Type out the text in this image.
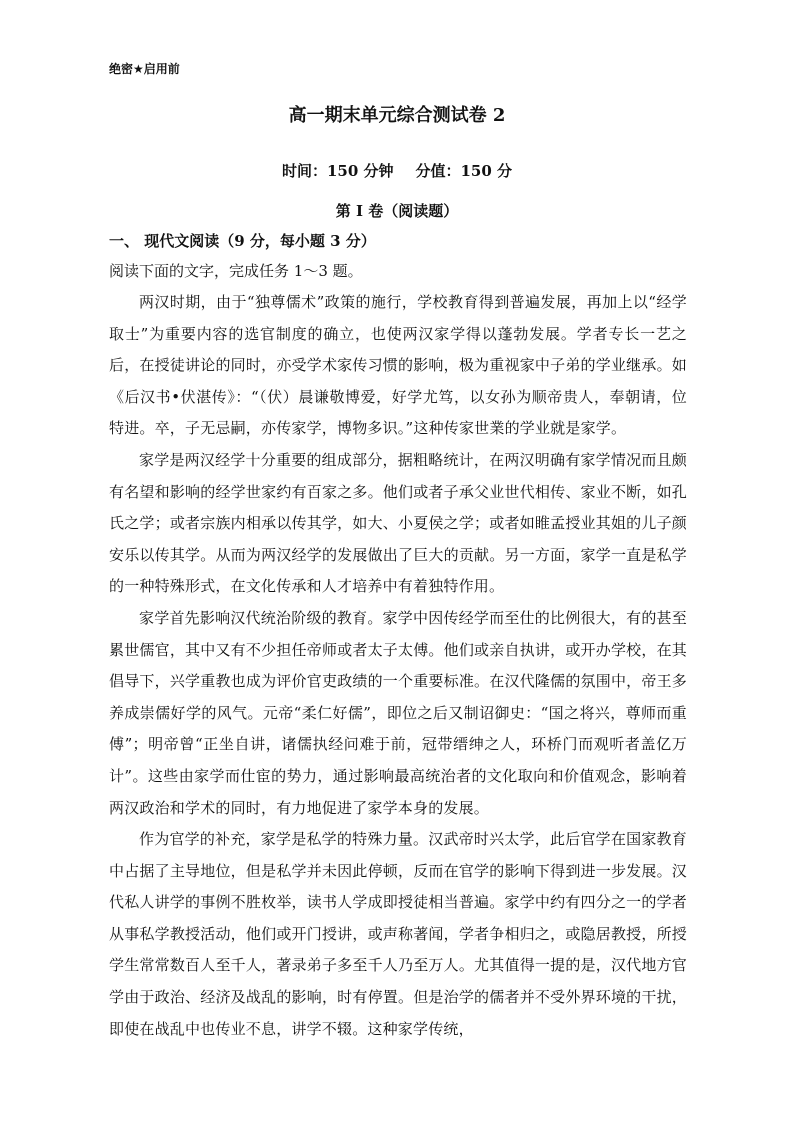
绝密★启用前
高一期末单元综合测试卷 2
时间：150 分钟 分值：150 分
第 I 卷（阅读题）
一、 现代文阅读（9 分，每小题 3 分）
阅读下面的文字，完成任务 1～3 题。

两汉时期，由于“独尊儒术”政策的施行，学校教育得到普遍发展，再加上以“经学取士”为重要内容的选官制度的确立，也使两汉家学得以蓬勃发展。学者专长一艺之后，在授徒讲论的同时，亦受学术家传习惯的影响，极为重视家中子弟的学业继承。如《后汉书•伏湛传》：“（伏）晨谦敬博爱，好学尤笃，以女孙为顺帝贵人，奉朝请，位特进。卒，子无忌嗣，亦传家学，博物多识。”这种传家世業的学业就是家学。

家学是两汉经学十分重要的组成部分，据粗略统计，在两汉明确有家学情况而且颇有名望和影响的经学世家约有百家之多。他们或者子承父业世代相传、家业不断，如孔氏之学；或者宗族内相承以传其学，如大、小夏侯之学；或者如睢孟授业其姐的儿子颜安乐以传其学。从而为两汉经学的发展做出了巨大的贡献。另一方面，家学一直是私学的一种特殊形式，在文化传承和人才培养中有着独特作用。

家学首先影响汉代统治阶级的教育。家学中因传经学而至仕的比例很大，有的甚至累世儒官，其中又有不少担任帝师或者太子太傅。他们或亲自执讲，或开办学校，在其倡导下，兴学重教也成为评价官吏政绩的一个重要标准。在汉代隆儒的氛围中，帝王多养成崇儒好学的风气。元帝“柔仁好儒”，即位之后又制诏御史：“国之将兴，尊师而重傅”；明帝曾“正坐自讲，诸儒执经问难于前，冠带缙绅之人，环桥门而观听者盖亿万计”。这些由家学而仕宦的势力，通过影响最高统治者的文化取向和价值观念，影响着两汉政治和学术的同时，有力地促进了家学本身的发展。

作为官学的补充，家学是私学的特殊力量。汉武帝时兴太学，此后官学在国家教育中占据了主导地位，但是私学并未因此停顿，反而在官学的影响下得到进一步发展。汉代私人讲学的事例不胜枚举，读书人学成即授徒相当普遍。家学中约有四分之一的学者从事私学教授活动，他们或开门授讲，或声称著闻，学者争相归之，或隐居教授，所授学生常常数百人至千人，著录弟子多至千人乃至万人。尤其值得一提的是，汉代地方官学由于政治、经济及战乱的影响，时有停置。但是治学的儒者并不受外界环境的干扰，即使在战乱中也传业不息，讲学不辍。这种家学传统，
